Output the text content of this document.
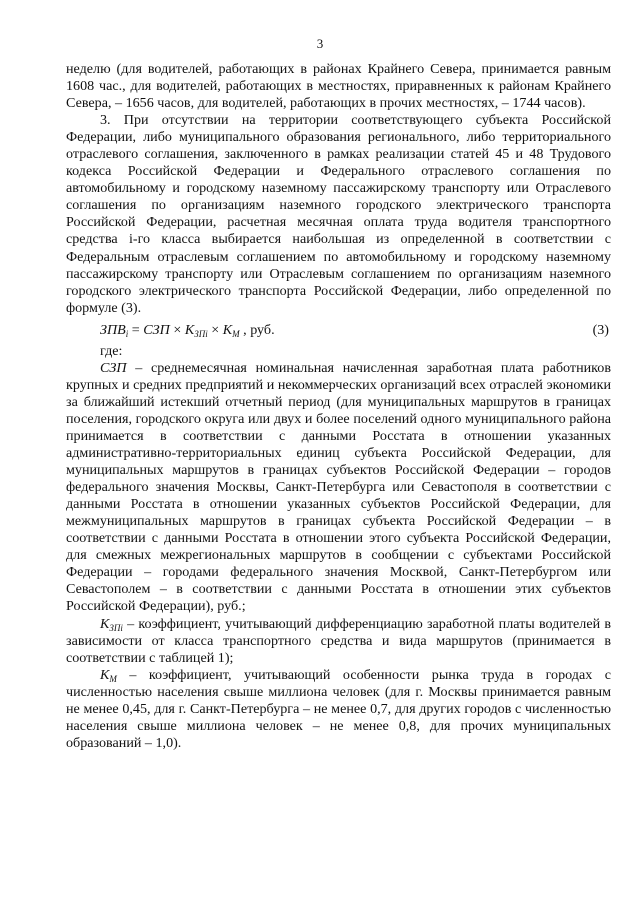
3

неделю (для водителей, работающих в районах Крайнего Севера, принимается равным 1608 час., для водителей, работающих в местностях, приравненных к районам Крайнего Севера, – 1656 часов, для водителей, работающих в прочих местностях, – 1744 часов).

3. При отсутствии на территории соответствующего субъекта Российской Федерации, либо муниципального образования регионального, либо территориального отраслевого соглашения, заключенного в рамках реализации статей 45 и 48 Трудового кодекса Российской Федерации и Федерального отраслевого соглашения по автомобильному и городскому наземному пассажирскому транспорту или Отраслевого соглашения по организациям наземного городского электрического транспорта Российской Федерации, расчетная месячная оплата труда водителя транспортного средства i-го класса выбирается наибольшая из определенной в соответствии с Федеральным отраслевым соглашением по автомобильному и городскому наземному пассажирскому транспорту или Отраслевым соглашением по организациям наземного городского электрического транспорта Российской Федерации, либо определенной по формуле (3).

$ЗПВ_i$ = СЗП × $K_{ЗПi} \times K_M$ , руб.	(3)

где:

СЗП – среднемесячная номинальная начисленная заработная плата работников крупных и средних предприятий и некоммерческих организаций всех отраслей экономики за ближайший истекший отчетный период (для муниципальных маршрутов в границах поселения, городского округа или двух и более поселений одного муниципального района принимается в соответствии с данными Росстата в отношении указанных административно-территориальных единиц субъекта Российской Федерации, для муниципальных маршрутов в границах субъектов Российской Федерации – городов федерального значения Москвы, Санкт-Петербурга или Севастополя в соответствии с данными Росстата в отношении указанных субъектов Российской Федерации, для межмуниципальных маршрутов в границах субъекта Российской Федерации – в соответствии с данными Росстата в отношении этого субъекта Российской Федерации, для смежных межрегиональных маршрутов в сообщении с субъектами Российской Федерации – городами федерального значения Москвой, Санкт-Петербургом или Севастополем – в соответствии с данными Росстата в отношении этих субъектов Российской Федерации), руб.;

$K_{ЗПi}$ – коэффициент, учитывающий дифференциацию заработной платы водителей в зависимости от класса транспортного средства и вида маршрутов (принимается в соответствии с таблицей 1);

$K_M$ – коэффициент, учитывающий особенности рынка труда в городах с численностью населения свыше миллиона человек (для г. Москвы принимается равным не менее 0,45, для г. Санкт-Петербурга – не менее 0,7, для других городов с численностью населения свыше миллиона человек – не менее 0,8, для прочих муниципальных образований – 1,0).
